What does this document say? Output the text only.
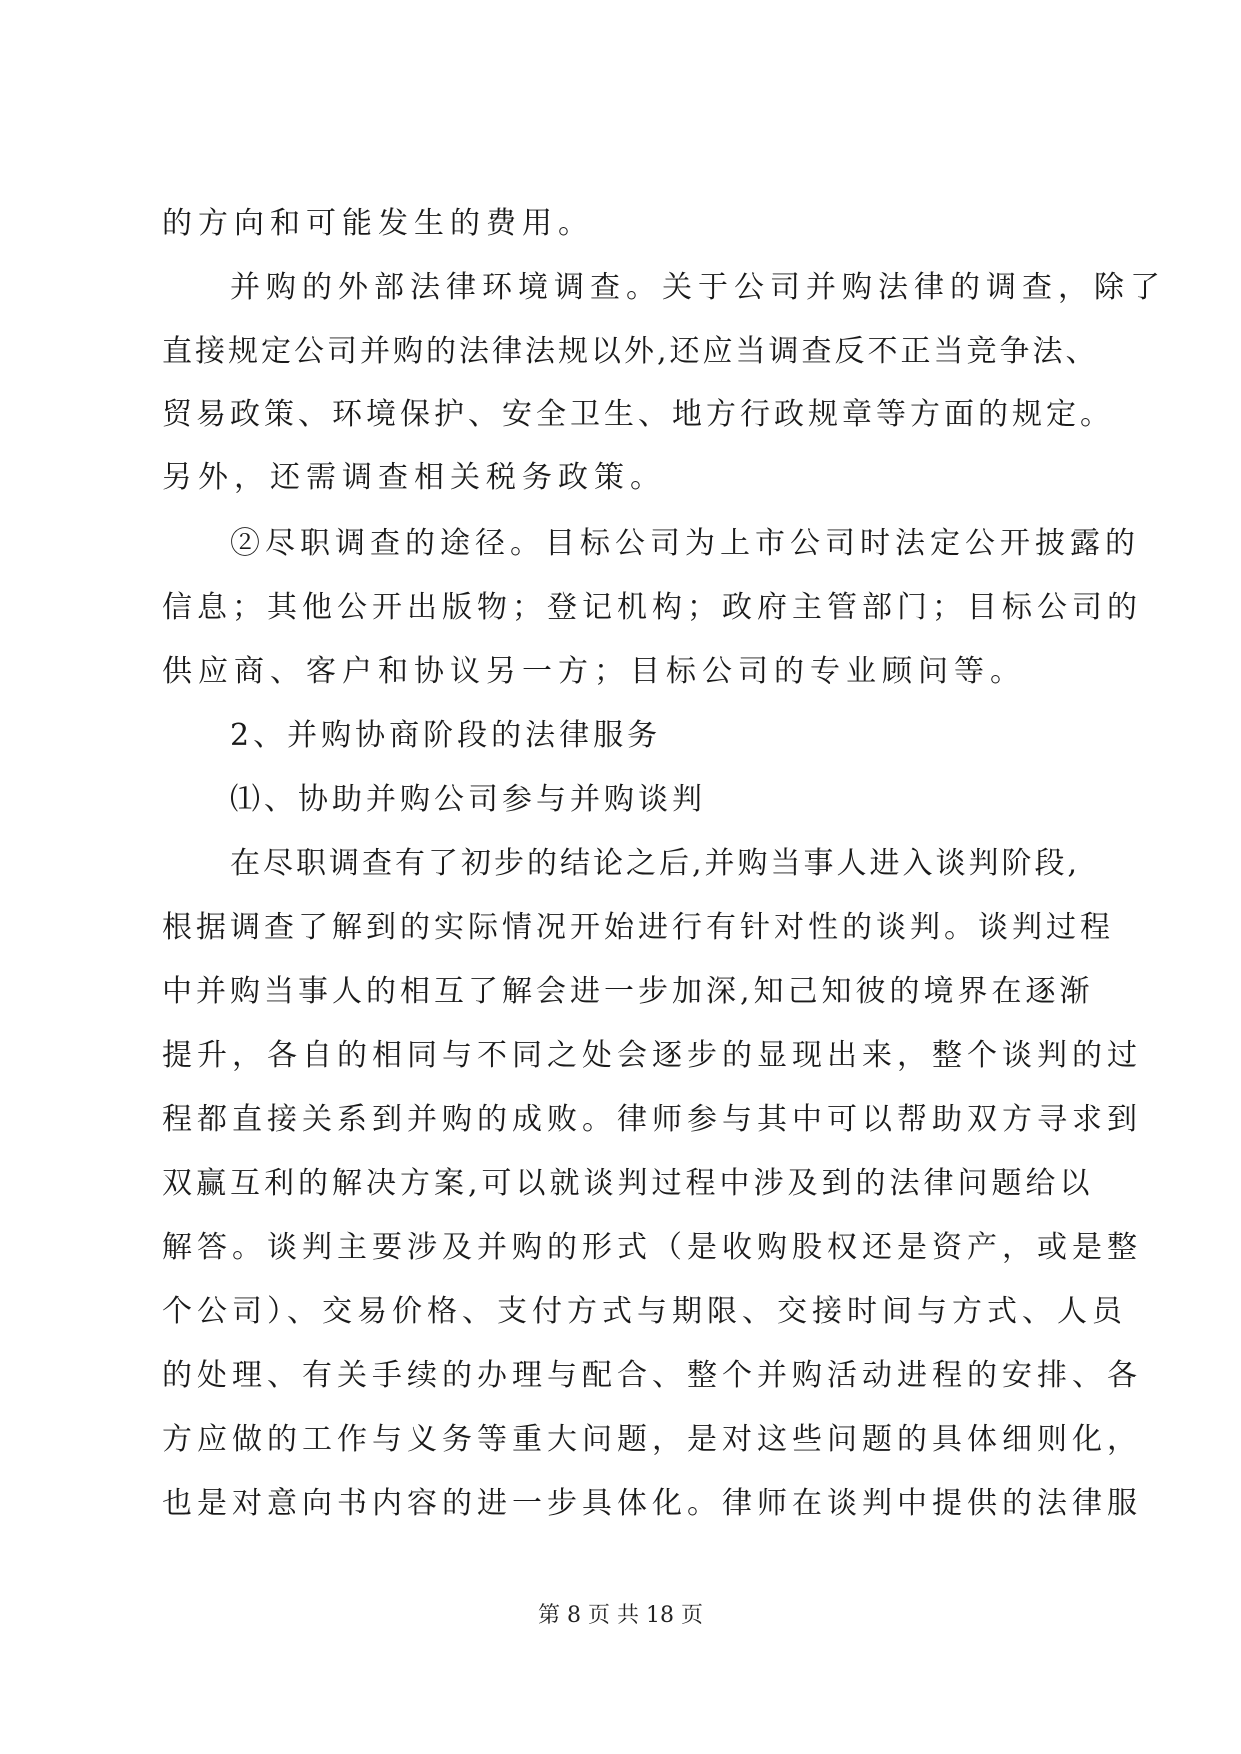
的方向和可能发生的费用。
并购的外部法律环境调查。关于公司并购法律的调查，除了
直接规定公司并购的法律法规以外,还应当调查反不正当竞争法、
贸易政策、环境保护、安全卫生、地方行政规章等方面的规定。
另外，还需调查相关税务政策。
②尽职调查的途径。目标公司为上市公司时法定公开披露的
信息；其他公开出版物；登记机构；政府主管部门；目标公司的
供应商、客户和协议另一方；目标公司的专业顾问等。
2、并购协商阶段的法律服务
⑴、协助并购公司参与并购谈判
在尽职调查有了初步的结论之后,并购当事人进入谈判阶段,
根据调查了解到的实际情况开始进行有针对性的谈判。谈判过程
中并购当事人的相互了解会进一步加深,知己知彼的境界在逐渐
提升，各自的相同与不同之处会逐步的显现出来，整个谈判的过
程都直接关系到并购的成败。律师参与其中可以帮助双方寻求到
双赢互利的解决方案,可以就谈判过程中涉及到的法律问题给以
解答。谈判主要涉及并购的形式（是收购股权还是资产，或是整
个公司）、交易价格、支付方式与期限、交接时间与方式、人员
的处理、有关手续的办理与配合、整个并购活动进程的安排、各
方应做的工作与义务等重大问题，是对这些问题的具体细则化，
也是对意向书内容的进一步具体化。律师在谈判中提供的法律服
第 8 页 共 18 页
